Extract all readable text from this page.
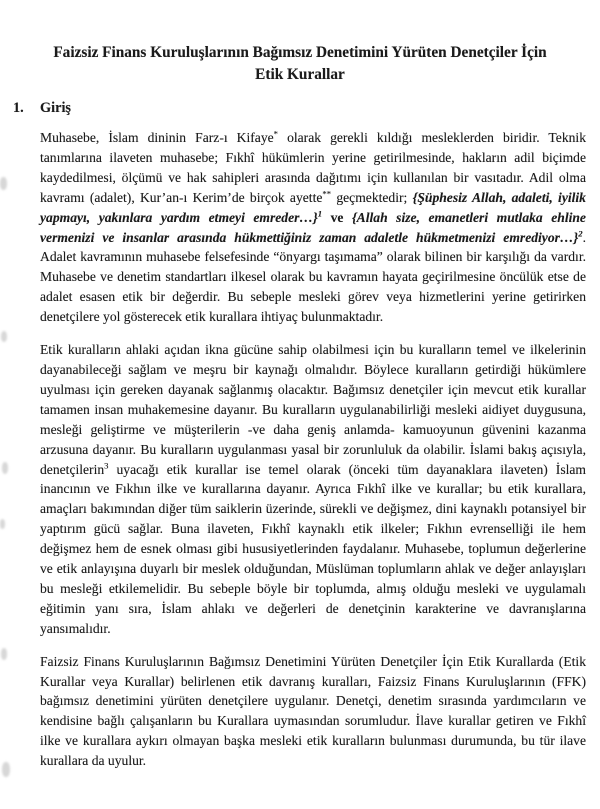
Faizsiz Finans Kuruluşlarının Bağımsız Denetimini Yürüten Denetçiler İçin
Etik Kurallar
1.	Giriş

Muhasebe, İslam dininin Farz-ı Kifaye* olarak gerekli kıldığı mesleklerden biridir. Teknik tanımlarına ilaveten muhasebe; Fıkhî hükümlerin yerine getirilmesinde, hakların adil biçimde kaydedilmesi, ölçümü ve hak sahipleri arasında dağıtımı için kullanılan bir vasıtadır. Adil olma kavramı (adalet), Kur’an-ı Kerim’de birçok ayette** geçmektedir; {Şüphesiz Allah, adaleti, iyilik yapmayı, yakınlara yardım etmeyi emreder…}$^1$ ve {Allah size, emanetleri mutlaka ehline vermenizi ve insanlar arasında hükmettiğiniz zaman adaletle hükmetmenizi emrediyor…}$^2$. Adalet kavramının muhasebe felsefesinde “önyargı taşımama” olarak bilinen bir karşılığı da vardır. Muhasebe ve denetim standartları ilkesel olarak bu kavramın hayata geçirilmesine öncülük etse de adalet esasen etik bir değerdir. Bu sebeple mesleki görev veya hizmetlerini yerine getirirken denetçilere yol gösterecek etik kurallara ihtiyaç bulunmaktadır.

Etik kuralların ahlaki açıdan ikna gücüne sahip olabilmesi için bu kuralların temel ve ilkelerinin dayanabileceği sağlam ve meşru bir kaynağı olmalıdır. Böylece kuralların getirdiği hükümlere uyulması için gereken dayanak sağlanmış olacaktır. Bağımsız denetçiler için mevcut etik kurallar tamamen insan muhakemesine dayanır. Bu kuralların uygulanabilirliği mesleki aidiyet duygusuna, mesleği geliştirme ve müşterilerin -ve daha geniş anlamda- kamuoyunun güvenini kazanma arzusuna dayanır. Bu kuralların uygulanması yasal bir zorunluluk da olabilir. İslami bakış açısıyla, denetçilerin$^3$ uyacağı etik kurallar ise temel olarak (önceki tüm dayanaklara ilaveten) İslam inancının ve Fıkhın ilke ve kurallarına dayanır. Ayrıca Fıkhî ilke ve kurallar; bu etik kurallara, amaçları bakımından diğer tüm saiklerin üzerinde, sürekli ve değişmez, dini kaynaklı potansiyel bir yaptırım gücü sağlar. Buna ilaveten, Fıkhî kaynaklı etik ilkeler; Fıkhın evrenselliği ile hem değişmez hem de esnek olması gibi hususiyetlerinden faydalanır. Muhasebe, toplumun değerlerine ve etik anlayışına duyarlı bir meslek olduğundan, Müslüman toplumların ahlak ve değer anlayışları bu mesleği etkilemelidir. Bu sebeple böyle bir toplumda, almış olduğu mesleki ve uygulamalı eğitimin yanı sıra, İslam ahlakı ve değerleri de denetçinin karakterine ve davranışlarına yansımalıdır.

Faizsiz Finans Kuruluşlarının Bağımsız Denetimini Yürüten Denetçiler İçin Etik Kurallarda (Etik Kurallar veya Kurallar) belirlenen etik davranış kuralları, Faizsiz Finans Kuruluşlarının (FFK) bağımsız denetimini yürüten denetçilere uygulanır. Denetçi, denetim sırasında yardımcıların ve kendisine bağlı çalışanların bu Kurallara uymasından sorumludur. İlave kurallar getiren ve Fıkhî ilke ve kurallara aykırı olmayan başka mesleki etik kuralların bulunması durumunda, bu tür ilave kurallara da uyulur.
